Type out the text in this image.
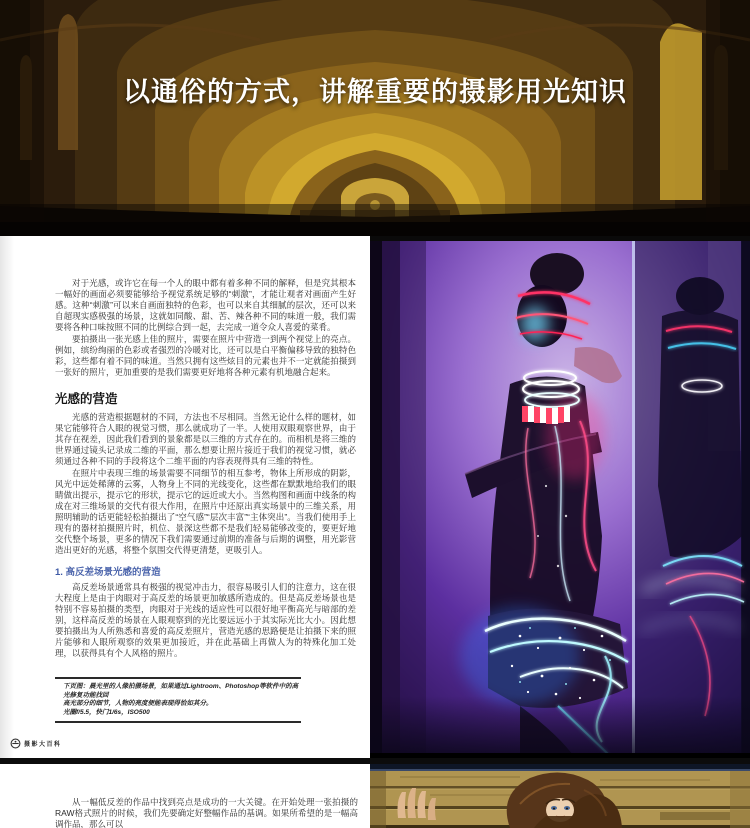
以通俗的方式，讲解重要的摄影用光知识

对于光感，或许它在每一个人的眼中都有着多种不同的解释，但是究其根本一幅好的画面必须要能够给予视觉系统足够的“刺激”，才能让观者对画面产生好感。这种“刺激”可以来自画面独特的色彩，也可以来自其细腻的层次，还可以来自超现实感极强的场景，这就如同酸、甜、苦、辣各种不同的味道一般，我们需要将各种口味按照不同的比例综合到一起，去完成一道令众人喜爱的菜肴。

要拍摄出一张光感上佳的照片，需要在照片中营造一到两个视觉上的亮点。例如，缤纷绚丽的色彩或者强烈的冷暖对比，还可以是白平衡偏移导致的独特色彩，这些都有着不同的味道。当然只拥有这些炫目的元素也并不一定就能拍摄到一张好的照片，更加重要的是我们需要更好地将各种元素有机地融合起来。

光感的营造

光感的营造根据题材的不同，方法也不尽相同。当然无论什么样的题材，如果它能够符合人眼的视觉习惯，那么就成功了一半。人使用双眼观察世界，由于其存在视差，因此我们看到的景象都是以三维的方式存在的。而相机是将三维的世界通过镜头记录成二维的平面，那么想要让照片接近于我们的视觉习惯，就必须通过各种不同的手段将这个二维平面的内容表现得具有三维的特性。

在照片中表现三维的场景需要不同细节的相互参考，物体上所形成的阴影，风光中远处稀薄的云雾，人物身上不同的光线变化，这些都在默默地给我们的眼睛做出提示，提示它的形状，提示它的远近或大小。当然构图和画面中线条的构成在对三维场景的交代有很大作用，在照片中还原出真实场景中的三维关系，用照明辅助的话更能轻松拍摄出了“空气感”“层次丰富”“主体突出”。当我们使用手上现有的器材拍摄照片时，机位、景深这些都不是我们轻易能够改变的，要更好地交代整个场景，更多的情况下我们需要通过前期的准备与后期的调整，用光影营造出更好的光感，将整个氛围交代得更清楚，更吸引人。

1. 高反差场景光感的营造

高反差场景通常具有极强的视觉冲击力，很容易吸引人们的注意力，这在很大程度上是由于肉眼对于高反差的场景更加敏感所造成的。但是高反差场景也是特别不容易拍摄的类型，肉眼对于光线的适应性可以很好地平衡高光与暗部的差别，这样高反差的场景在人眼观察到的光比要远远小于其实际光比大小。因此想要拍摄出为人所熟悉和喜爱的高反差照片，营造光感的思路便是让拍摄下来的照片能够和人眼所观察的效果更加接近，并在此基础上再做人为的特殊化加工处理，以获得具有个人风格的照片。

下页图：晨光里的人像拍摄场景，如果通过Lightroom、Photoshop等软件中的高光修复功能找回
高光部分的细节，人物的亮度便能表现得恰如其分。
光圈f/5.5，快门1/6s，ISO500
摄影大百科

从一幅低反差的作品中找到亮点是成功的一大关键。在开始处理一张拍摄的RAW格式照片的时候，我们先要确定好整幅作品的基调。如果所希望的是一幅高调作品，那么可以
